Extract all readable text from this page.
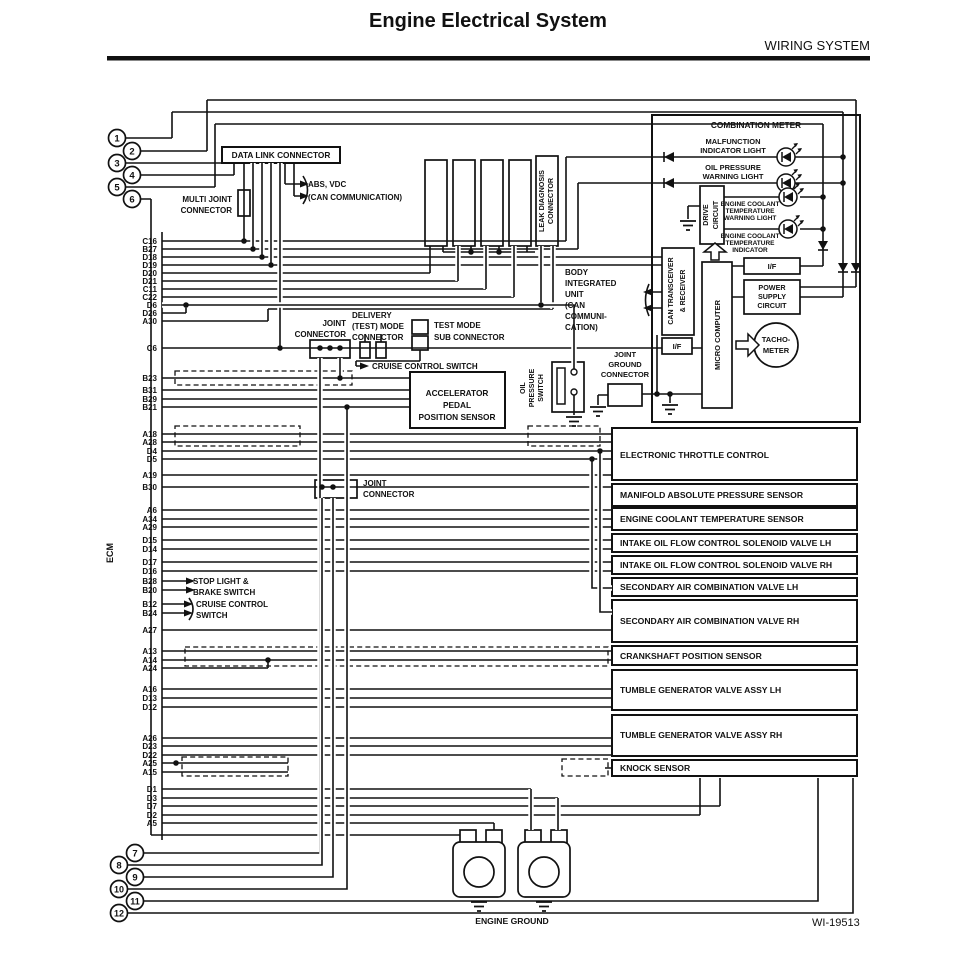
Engine Electrical System
WIRING SYSTEM
1
2
3
4
5
6
7
8
9
10
11
12
C16
B27
D18
D19
D20
D21
C11
C22
D6
D26
A30
C6
B23
B31
B29
B21
A18
A28
D4
D5
A19
B30
A6
A34
A29
D15
D14
D17
D16
B28
B20
B12
B24
A27
A13
A14
A24
A16
D13
D12
A26
D23
D22
A25
A15
D1
D3
D7
D2
A5
DATA LINK CONNECTOR
MULTI JOINT
CONNECTOR
ABS, VDC
(CAN COMMUNICATION)	LEAK DIAGNOSIS CONNECTOR
COMBINATION METER
MALFUNCTION
INDICATOR LIGHT
OIL PRESSURE
WARNING LIGHT
DRIVE CIRCUIT ENGINE COOLANT
TEMPERATURE
WARNING LIGHT
ENGINE COOLANT
TEMPERATURE
INDICATOR
I/F
POWER
SUPPLY
CIRCUIT
CAN TRANSCEIVER & RECEIVER
MICRO COMPUTER	TACHO-
METER
I/F
BODY
INTEGRATED
UNIT
(CAN
COMMUNI-
CATION)
JOINT
GROUND
CONNECTOR
OIL PRESSURE SWITCH
JOINT
CONNECTOR
JOINT
CONNECTOR
DELIVERY
(TEST) MODE
CONNECTOR
TEST MODE
SUB CONNECTOR
CRUISE CONTROL SWITCH
ACCELERATOR
PEDAL
POSITION SENSOR
STOP LIGHT &
BRAKE SWITCH
CRUISE CONTROL
SWITCH
ECM
ENGINE GROUND
ELECTRONIC THROTTLE CONTROL
MANIFOLD ABSOLUTE PRESSURE SENSOR
ENGINE COOLANT TEMPERATURE SENSOR
INTAKE OIL FLOW CONTROL SOLENOID VALVE LH
INTAKE OIL FLOW CONTROL SOLENOID VALVE RH
SECONDARY AIR COMBINATION VALVE LH
SECONDARY AIR COMBINATION VALVE RH
CRANKSHAFT POSITION SENSOR
TUMBLE GENERATOR VALVE ASSY LH
TUMBLE GENERATOR VALVE ASSY RH
KNOCK SENSOR
WI-19513
